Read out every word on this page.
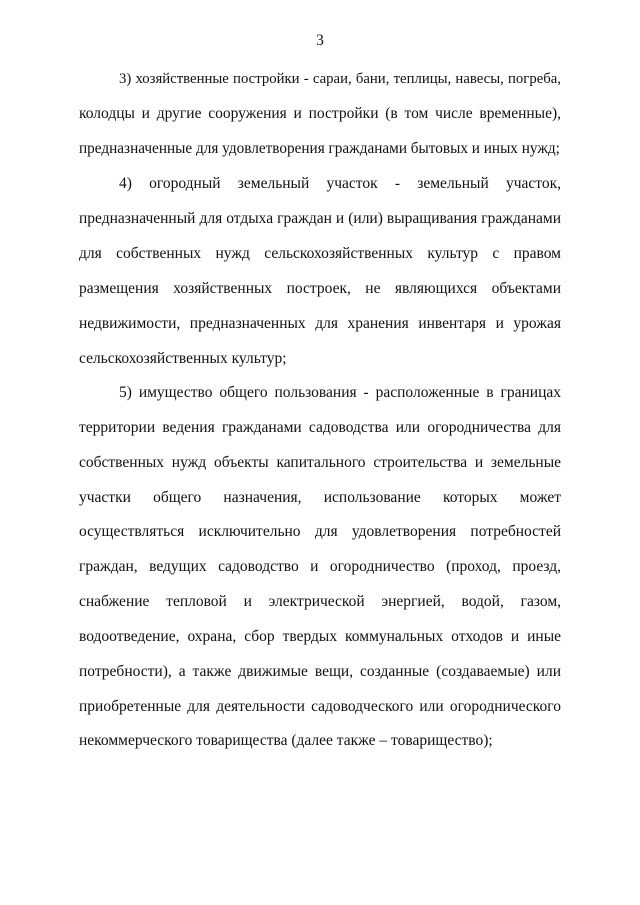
3
3) хозяйственные постройки - сараи, бани, теплицы, навесы, погреба,
колодцы и другие сооружения и постройки (в том числе временные),
предназначенные для удовлетворения гражданами бытовых и иных нужд;
4) огородный земельный участок - земельный участок,
предназначенный для отдыха граждан и (или) выращивания гражданами
для собственных нужд сельскохозяйственных культур с правом
размещения хозяйственных построек, не являющихся объектами
недвижимости, предназначенных для хранения инвентаря и урожая
сельскохозяйственных культур;
5) имущество общего пользования - расположенные в границах
территории ведения гражданами садоводства или огородничества для
собственных нужд объекты капитального строительства и земельные
участки общего назначения, использование которых может
осуществляться исключительно для удовлетворения потребностей
граждан, ведущих садоводство и огородничество (проход, проезд,
снабжение тепловой и электрической энергией, водой, газом,
водоотведение, охрана, сбор твердых коммунальных отходов и иные
потребности), а также движимые вещи, созданные (создаваемые) или
приобретенные для деятельности садоводческого или огороднического
некоммерческого товарищества (далее также – товарищество);
